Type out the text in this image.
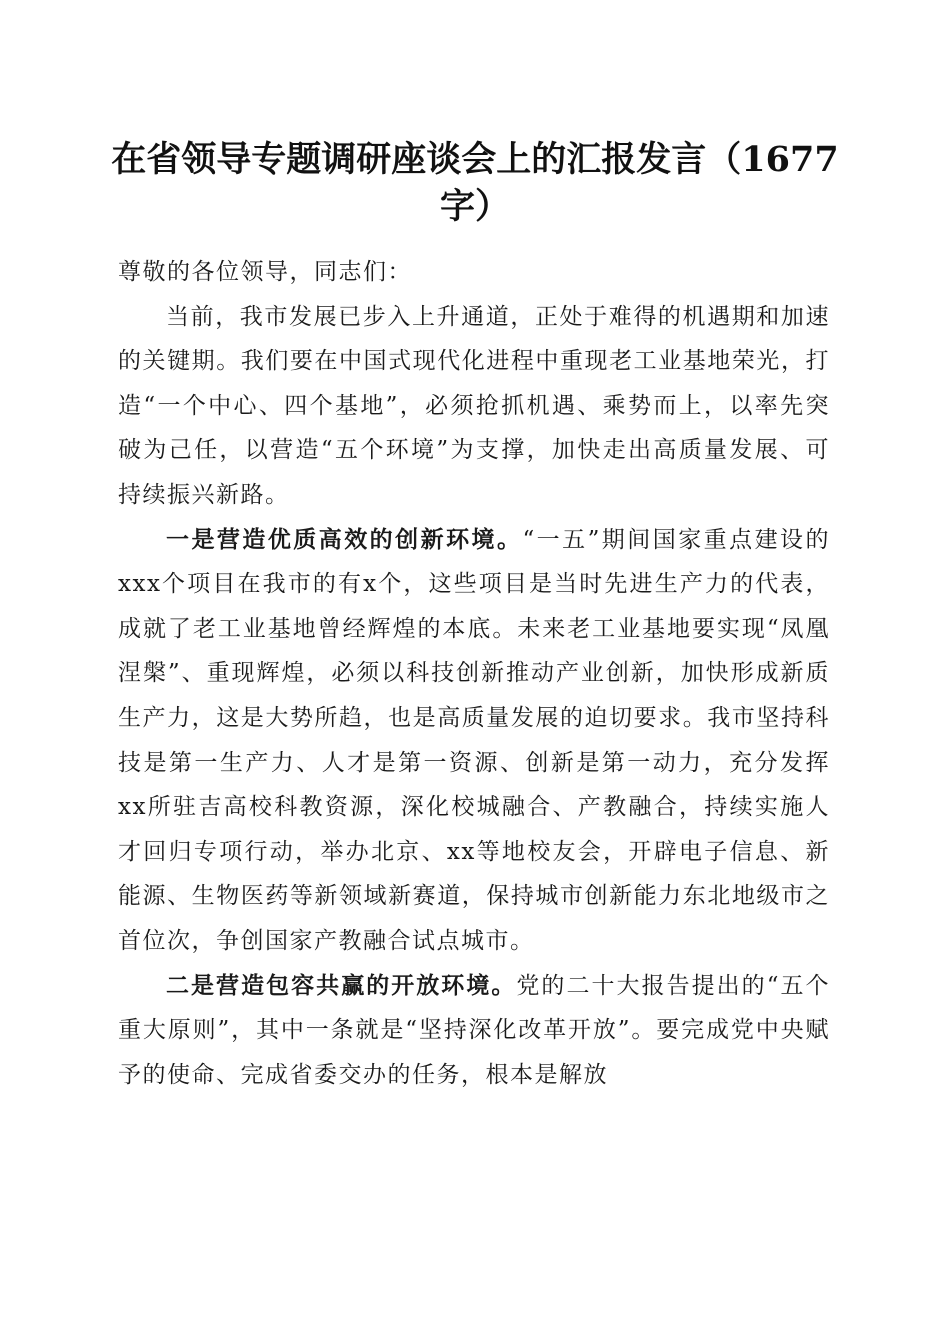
在省领导专题调研座谈会上的汇报发言（1677字）

尊敬的各位领导，同志们：

当前，我市发展已步入上升通道，正处于难得的机遇期和加速的关键期。我们要在中国式现代化进程中重现老工业基地荣光，打造“一个中心、四个基地”，必须抢抓机遇、乘势而上，以率先突破为己任，以营造“五个环境”为支撑，加快走出高质量发展、可持续振兴新路。

一是营造优质高效的创新环境。“一五”期间国家重点建设的xxx个项目在我市的有x个，这些项目是当时先进生产力的代表，成就了老工业基地曾经辉煌的本底。未来老工业基地要实现“凤凰涅槃”、重现辉煌，必须以科技创新推动产业创新，加快形成新质生产力，这是大势所趋，也是高质量发展的迫切要求。我市坚持科技是第一生产力、人才是第一资源、创新是第一动力，充分发挥xx所驻吉高校科教资源，深化校城融合、产教融合，持续实施人才回归专项行动，举办北京、xx等地校友会，开辟电子信息、新能源、生物医药等新领域新赛道，保持城市创新能力东北地级市之首位次，争创国家产教融合试点城市。

二是营造包容共赢的开放环境。党的二十大报告提出的“五个重大原则”，其中一条就是“坚持深化改革开放”。要完成党中央赋予的使命、完成省委交办的任务，根本是解放
